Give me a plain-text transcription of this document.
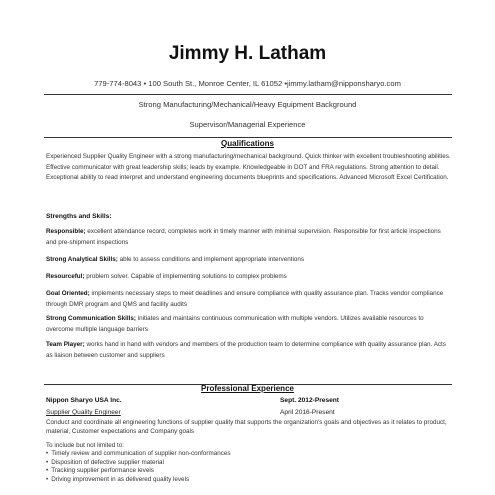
Jimmy H. Latham
779-774-8043 • 100 South St., Monroe Center, IL 61052 •jimmy.latham@nipponsharyo.com
Strong Manufacturing/Mechanical/Heavy Equipment Background
Supervisor/Managerial Experience
Qualifications
Experienced Supplier Quality Engineer with a strong manufacturing/mechanical background. Quick thinker with excellent troubleshooting abilities. Effective communicator with great leadership skills; leads by example. Knowledgeable in DOT and FRA regulations. Strong attention to detail. Exceptional ability to read interpret and understand engineering documents blueprints and specifications. Advanced Microsoft Excel Certification.
Strengths and Skills:
Responsible; excellent attendance record, completes work in timely manner with minimal supervision. Responsible for first article inspections and pre-shipment inspections
Strong Analytical Skills; able to assess conditions and implement appropriate interventions
Resourceful; problem solver. Capable of implementing solutions to complex problems
Goal Oriented; implements necessary steps to meet deadlines and ensure compliance with quality assurance plan. Tracks vendor compliance through DMR program and QMS and facility audits
Strong Communication Skills; initiates and maintains continuous communication with multiple vendors. Utilizes available resources to overcome multiple language barriers
Team Player; works hand in hand with vendors and members of the production team to determine compliance with quality assurance plan. Acts as liaison between customer and suppliers
Professional Experience
Nippon Sharyo USA Inc.	Sept. 2012-Present
Supplier Quality Engineer	April 2016-Present
Conduct and coordinate all engineering functions of supplier quality that supports the organization's goals and objectives as it relates to product, material, Customer expectations and Company goals
To include but not limited to:
• Timely review and communication of supplier non-conformances
• Disposition of defective supplier material
• Tracking supplier performance levels
• Driving improvement in as delivered quality levels
